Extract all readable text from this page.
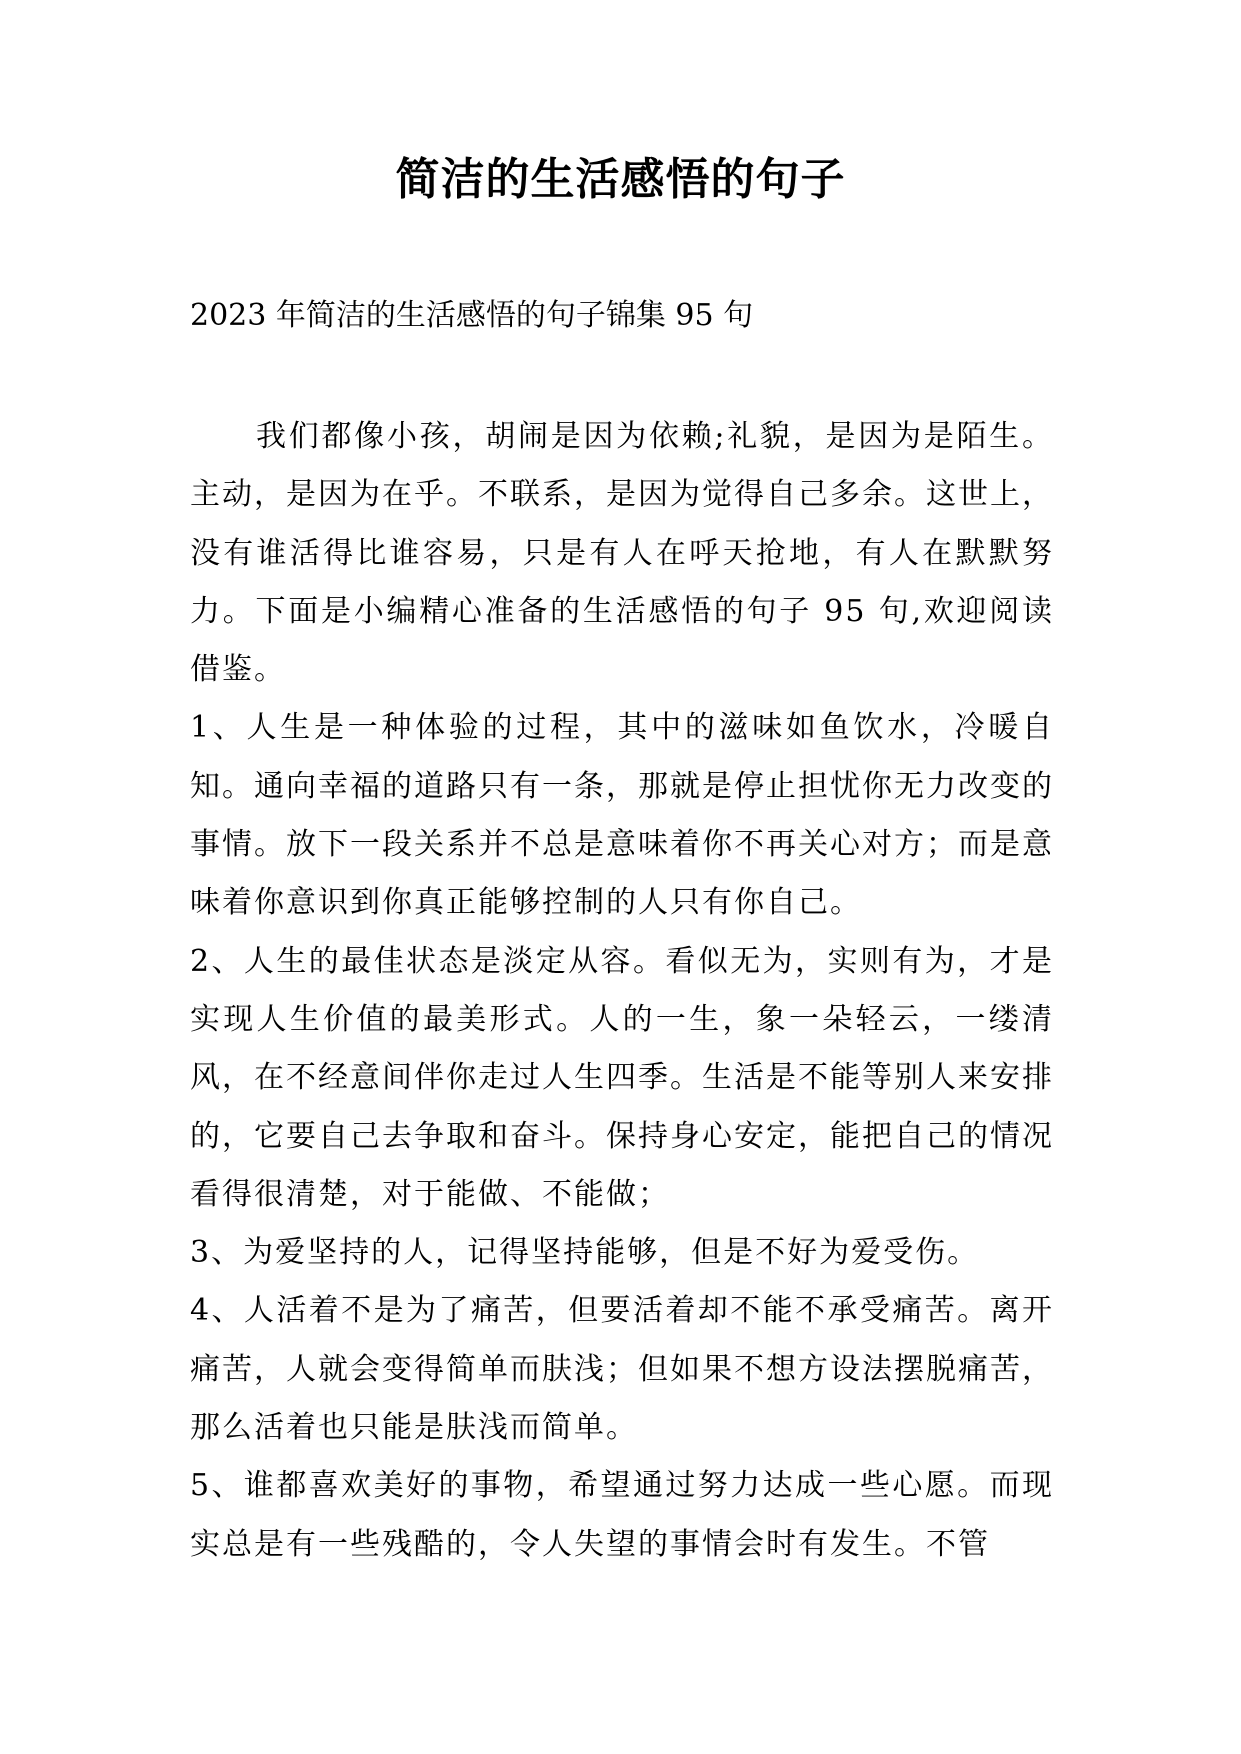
简洁的生活感悟的句子
2023 年简洁的生活感悟的句子锦集 95 句

我们都像小孩，胡闹是因为依赖;礼貌，是因为是陌生。主动，是因为在乎。不联系，是因为觉得自己多余。这世上，没有谁活得比谁容易，只是有人在呼天抢地，有人在默默努力。下面是小编精心准备的生活感悟的句子 95 句,欢迎阅读借鉴。

1、人生是一种体验的过程，其中的滋味如鱼饮水，冷暖自知。通向幸福的道路只有一条，那就是停止担忧你无力改变的事情。放下一段关系并不总是意味着你不再关心对方；而是意味着你意识到你真正能够控制的人只有你自己。

2、人生的最佳状态是淡定从容。看似无为，实则有为，才是实现人生价值的最美形式。人的一生，象一朵轻云，一缕清风，在不经意间伴你走过人生四季。生活是不能等别人来安排的，它要自己去争取和奋斗。保持身心安定，能把自己的情况看得很清楚，对于能做、不能做；

3、为爱坚持的人，记得坚持能够，但是不好为爱受伤。

4、人活着不是为了痛苦，但要活着却不能不承受痛苦。离开痛苦，人就会变得简单而肤浅；但如果不想方设法摆脱痛苦，那么活着也只能是肤浅而简单。

5、谁都喜欢美好的事物，希望通过努力达成一些心愿。而现实总是有一些残酷的，令人失望的事情会时有发生。不管
